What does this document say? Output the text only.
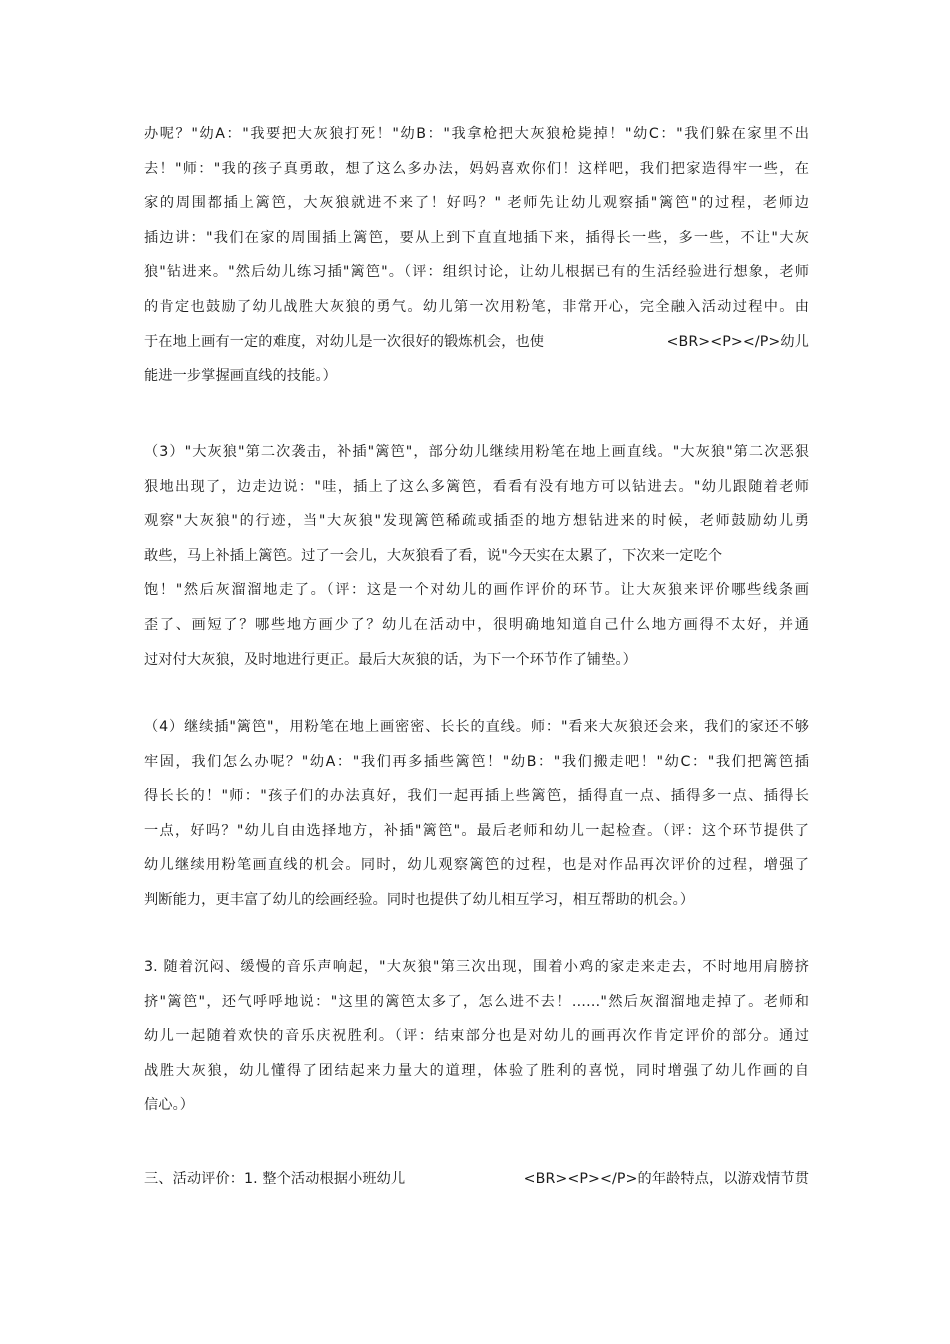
办呢？"幼A："我要把大灰狼打死！"幼B："我拿枪把大灰狼枪毙掉！"幼C："我们躲在家里不出
去！"师："我的孩子真勇敢，想了这么多办法，妈妈喜欢你们！这样吧，我们把家造得牢一些，在
家的周围都插上篱笆，大灰狼就进不来了！好吗？" 老师先让幼儿观察插"篱笆"的过程，老师边
插边讲："我们在家的周围插上篱笆，要从上到下直直地插下来，插得长一些，多一些，不让"大灰
狼"钻进来。"然后幼儿练习插"篱笆"。（评：组织讨论，让幼儿根据已有的生活经验进行想象，老师
的肯定也鼓励了幼儿战胜大灰狼的勇气。幼儿第一次用粉笔，非常开心，完全融入活动过程中。由
于在地上画有一定的难度，对幼儿是一次很好的锻炼机会，也使	<BR><P></P>幼儿
能进一步掌握画直线的技能。）
（3）"大灰狼"第二次袭击，补插"篱笆"，部分幼儿继续用粉笔在地上画直线。"大灰狼"第二次恶狠
狠地出现了，边走边说："哇，插上了这么多篱笆，看看有没有地方可以钻进去。"幼儿跟随着老师
观察"大灰狼"的行迹，当"大灰狼"发现篱笆稀疏或插歪的地方想钻进来的时候，老师鼓励幼儿勇
敢些，马上补插上篱笆。过了一会儿，大灰狼看了看，说"今天实在太累了，下次来一定吃个
饱！"然后灰溜溜地走了。（评：这是一个对幼儿的画作评价的环节。让大灰狼来评价哪些线条画
歪了、画短了？哪些地方画少了？幼儿在活动中，很明确地知道自己什么地方画得不太好，并通
过对付大灰狼，及时地进行更正。最后大灰狼的话，为下一个环节作了铺垫。）
（4）继续插"篱笆"，用粉笔在地上画密密、长长的直线。师："看来大灰狼还会来，我们的家还不够
牢固，我们怎么办呢？"幼A："我们再多插些篱笆！"幼B："我们搬走吧！"幼C："我们把篱笆插
得长长的！"师："孩子们的办法真好，我们一起再插上些篱笆，插得直一点、插得多一点、插得长
一点，好吗？"幼儿自由选择地方，补插"篱笆"。最后老师和幼儿一起检查。（评：这个环节提供了
幼儿继续用粉笔画直线的机会。同时，幼儿观察篱笆的过程，也是对作品再次评价的过程，增强了
判断能力，更丰富了幼儿的绘画经验。同时也提供了幼儿相互学习，相互帮助的机会。）
3. 随着沉闷、缓慢的音乐声响起，"大灰狼"第三次出现，围着小鸡的家走来走去，不时地用肩膀挤
挤"篱笆"，还气呼呼地说："这里的篱笆太多了，怎么进不去！……"然后灰溜溜地走掉了。老师和
幼儿一起随着欢快的音乐庆祝胜利。（评：结束部分也是对幼儿的画再次作肯定评价的部分。通过
战胜大灰狼，幼儿懂得了团结起来力量大的道理，体验了胜利的喜悦，同时增强了幼儿作画的自
信心。）
三、活动评价：1. 整个活动根据小班幼儿	<BR><P></P>的年龄特点，以游戏情节贯
